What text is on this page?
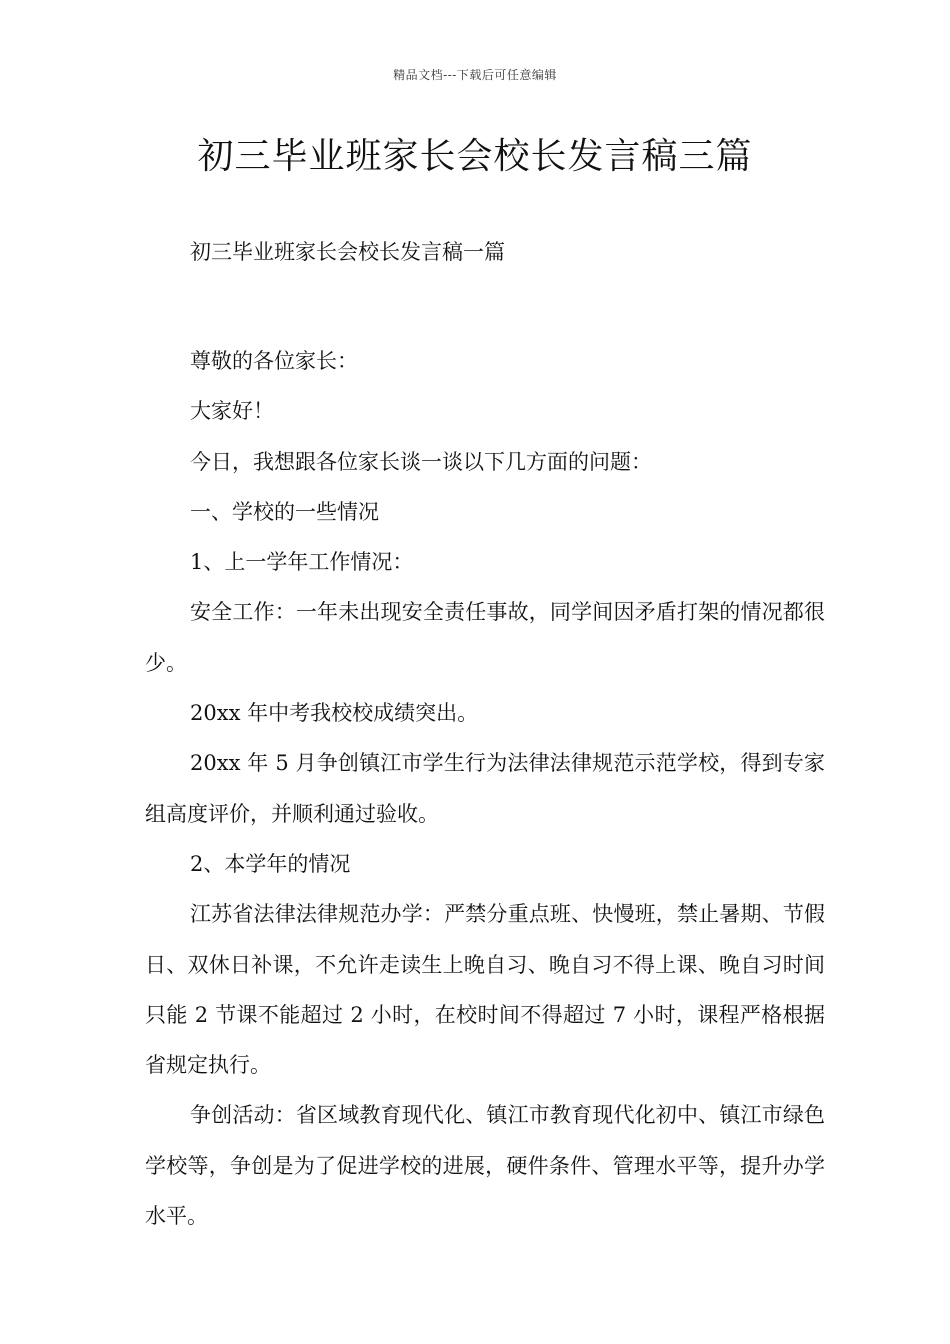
精品文档---下载后可任意编辑
初三毕业班家长会校长发言稿三篇
初三毕业班家长会校长发言稿一篇

尊敬的各位家长：

大家好！

今日，我想跟各位家长谈一谈以下几方面的问题：

一、学校的一些情况

1、上一学年工作情况：

安全工作：一年未出现安全责任事故，同学间因矛盾打架的情况都很少。

20xx 年中考我校校成绩突出。

20xx 年 5 月争创镇江市学生行为法律法律规范示范学校，得到专家组高度评价，并顺利通过验收。

2、本学年的情况

江苏省法律法律规范办学：严禁分重点班、快慢班，禁止暑期、节假日、双休日补课，不允许走读生上晚自习、晚自习不得上课、晚自习时间只能 2 节课不能超过 2 小时，在校时间不得超过 7 小时，课程严格根据省规定执行。

争创活动：省区域教育现代化、镇江市教育现代化初中、镇江市绿色学校等，争创是为了促进学校的进展，硬件条件、管理水平等，提升办学水平。
